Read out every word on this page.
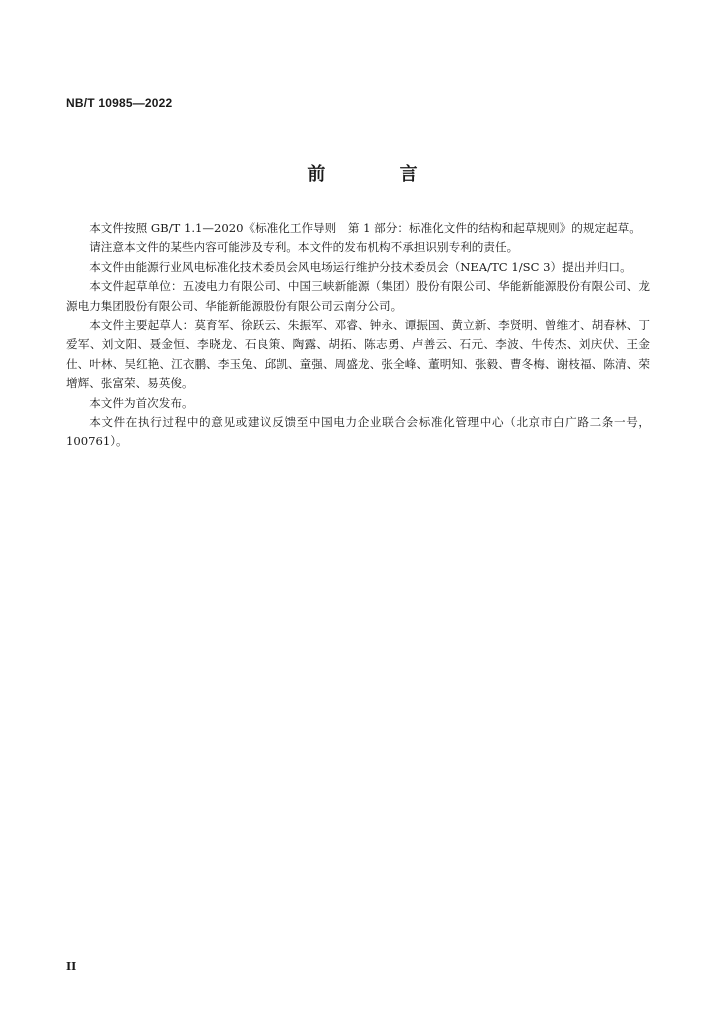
NB/T 10985—2022
前 言

本文件按照 GB/T 1.1—2020《标准化工作导则　第 1 部分：标准化文件的结构和起草规则》的规定起草。

请注意本文件的某些内容可能涉及专利。本文件的发布机构不承担识别专利的责任。

本文件由能源行业风电标准化技术委员会风电场运行维护分技术委员会（NEA/TC 1/SC 3）提出并归口。

本文件起草单位：五凌电力有限公司、中国三峡新能源（集团）股份有限公司、华能新能源股份有限公司、龙源电力集团股份有限公司、华能新能源股份有限公司云南分公司。

本文件主要起草人：莫育军、徐跃云、朱振军、邓睿、钟永、谭振国、黄立新、李贤明、曾维才、胡春林、丁爱军、刘文阳、聂金恒、李晓龙、石良策、陶露、胡拓、陈志勇、卢善云、石元、李波、牛传杰、刘庆伏、王金仕、叶林、吴红艳、江衣鹏、李玉兔、邱凯、童强、周盛龙、张全峰、董明知、张毅、曹冬梅、谢枝福、陈清、荣增辉、张富荣、易英俊。

本文件为首次发布。

本文件在执行过程中的意见或建议反馈至中国电力企业联合会标准化管理中心（北京市白广路二条一号，100761）。

II
